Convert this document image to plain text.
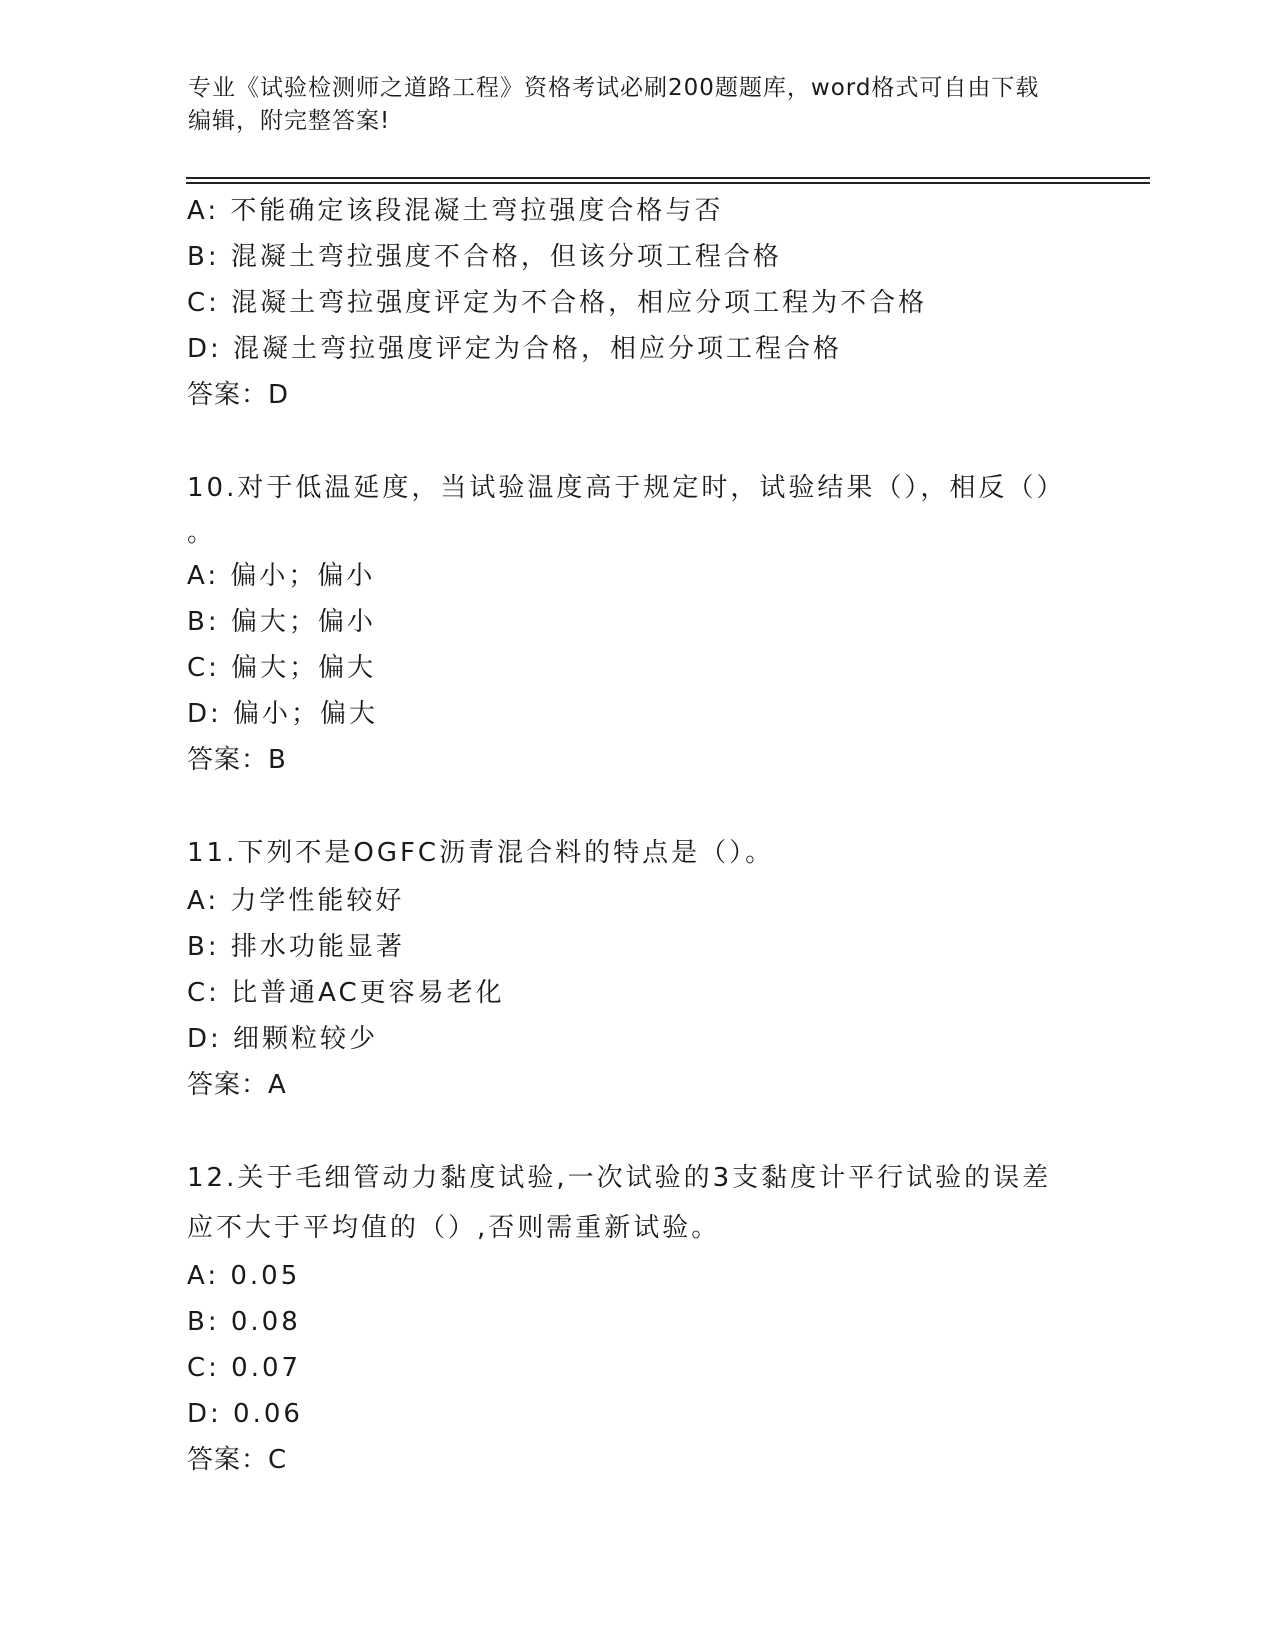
专业《试验检测师之道路工程》资格考试必刷200题题库，word格式可自由下载
编辑，附完整答案!
A: 不能确定该段混凝土弯拉强度合格与否
B: 混凝土弯拉强度不合格，但该分项工程合格
C: 混凝土弯拉强度评定为不合格，相应分项工程为不合格
D: 混凝土弯拉强度评定为合格，相应分项工程合格
答案：D
10.对于低温延度，当试验温度高于规定时，试验结果（），相反（）
。
A: 偏小；偏小
B: 偏大；偏小
C: 偏大；偏大
D: 偏小；偏大
答案：B
11.下列不是OGFC沥青混合料的特点是（）。
A: 力学性能较好
B: 排水功能显著
C: 比普通AC更容易老化
D: 细颗粒较少
答案：A
12.关于毛细管动力黏度试验,一次试验的3支黏度计平行试验的误差
应不大于平均值的（）,否则需重新试验。
A: 0.05
B: 0.08
C: 0.07
D: 0.06
答案：C
